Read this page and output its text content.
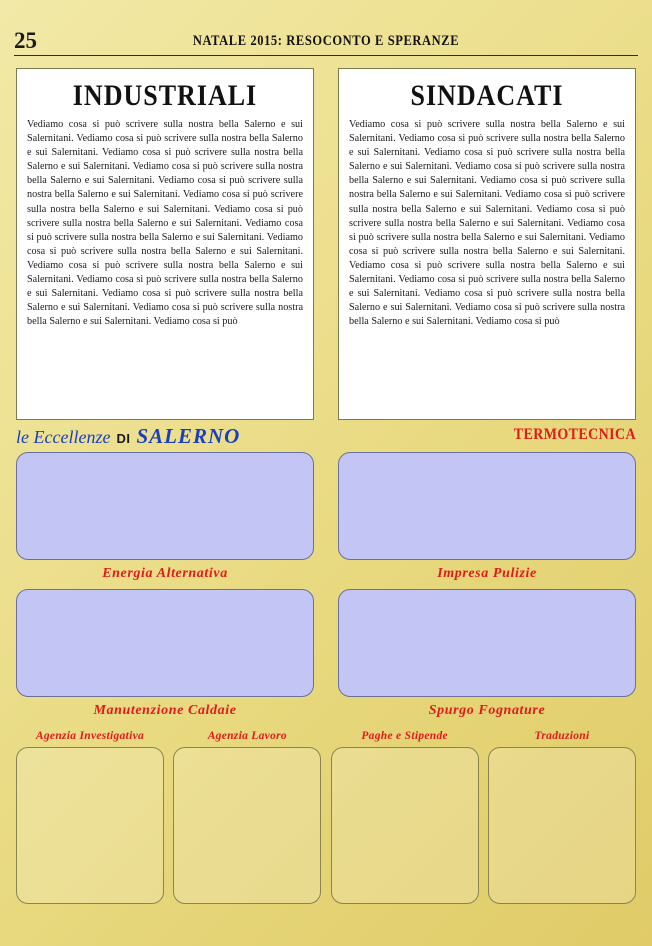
25	NATALE 2015: RESOCONTO E SPERANZE
INDUSTRIALI
Vediamo cosa si può scrivere sulla nostra bella Salerno e sui Salernitani. Vediamo cosa si può scrivere sulla nostra bella Salerno e sui Salernitani. Vediamo cosa si può scrivere sulla nostra bella Salerno e sui Salernitani. Vediamo cosa si può scrivere sulla nostra bella Salerno e sui Salernitani. Vediamo cosa si può scrivere sulla nostra bella Salerno e sui Salernitani. Vediamo cosa si può scrivere sulla nostra bella Salerno e sui Salernitani. Vediamo cosa si può scrivere sulla nostra bella Salerno e sui Salernitani. Vediamo cosa si può scrivere sulla nostra bella Salerno e sui Salernitani. Vediamo cosa si può scrivere sulla nostra bella Salerno e sui Salernitani. Vediamo cosa si può scrivere sulla nostra bella Salerno e sui Salernitani. Vediamo cosa si può scrivere sulla nostra bella Salerno e sui Salernitani. Vediamo cosa si può scrivere sulla nostra bella Salerno e sui Salernitani. Vediamo cosa si può scrivere sulla nostra bella Salerno e sui Salernitani. Vediamo cosa si può
SINDACATI
Vediamo cosa si può scrivere sulla nostra bella Salerno e sui Salernitani. Vediamo cosa si può scrivere sulla nostra bella Salerno e sui Salernitani. Vediamo cosa si può scrivere sulla nostra bella Salerno e sui Salernitani. Vediamo cosa si può scrivere sulla nostra bella Salerno e sui Salernitani. Vediamo cosa si può scrivere sulla nostra bella Salerno e sui Salernitani. Vediamo cosa si può scrivere sulla nostra bella Salerno e sui Salernitani. Vediamo cosa si può scrivere sulla nostra bella Salerno e sui Salernitani. Vediamo cosa si può scrivere sulla nostra bella Salerno e sui Salernitani. Vediamo cosa si può scrivere sulla nostra bella Salerno e sui Salernitani. Vediamo cosa si può scrivere sulla nostra bella Salerno e sui Salernitani. Vediamo cosa si può scrivere sulla nostra bella Salerno e sui Salernitani. Vediamo cosa si può scrivere sulla nostra bella Salerno e sui Salernitani. Vediamo cosa si può scrivere sulla nostra bella Salerno e sui Salernitani. Vediamo cosa si può
le Eccellenze DI SALERNO	TERMOTECNICA
Energia Alternativa	Impresa Pulizie
Manutenzione Caldaie	Spurgo Fognature
Agenzia Investigativa	Agenzia Lavoro	Paghe e Stipende	Traduzioni
